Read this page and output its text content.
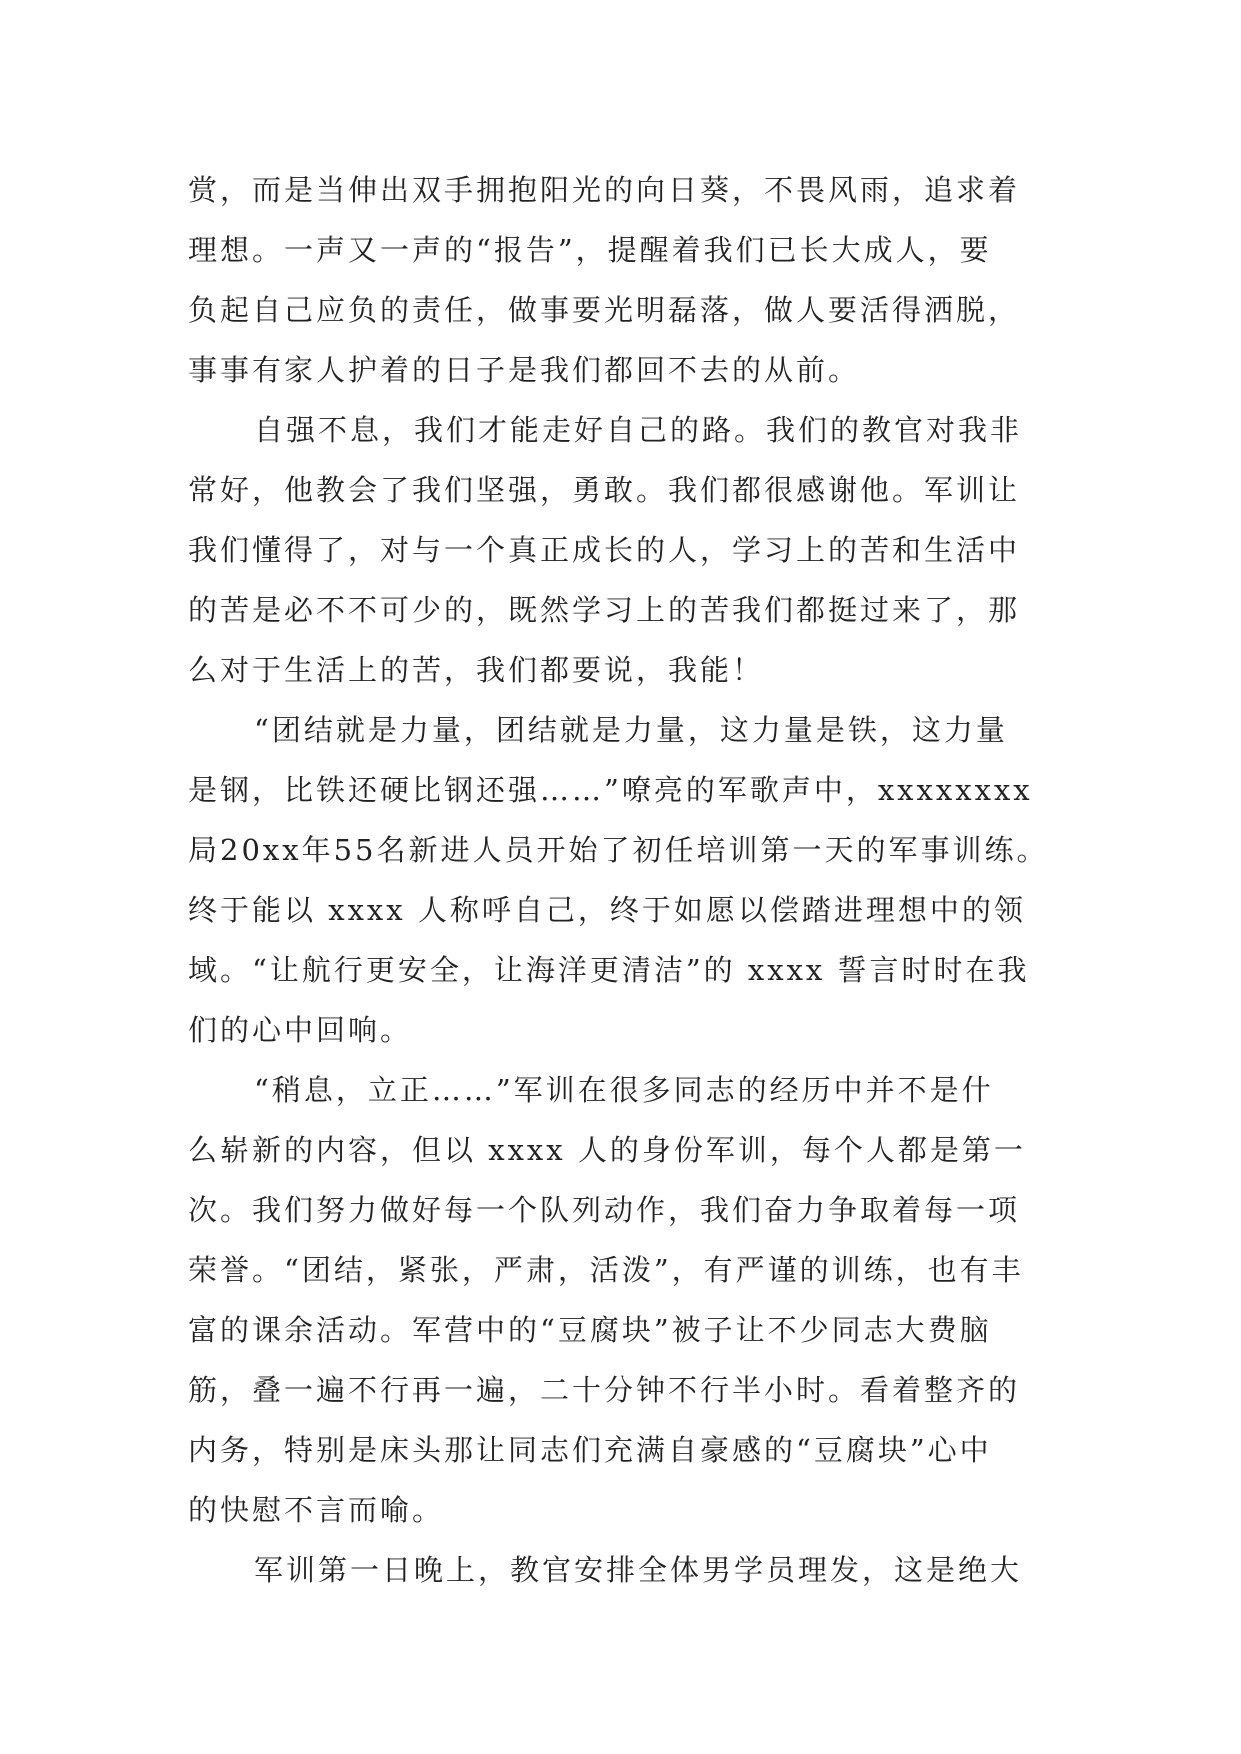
赏，而是当伸出双手拥抱阳光的向日葵，不畏风雨，追求着
理想。一声又一声的“报告”，提醒着我们已长大成人，要
负起自己应负的责任，做事要光明磊落，做人要活得洒脱，
事事有家人护着的日子是我们都回不去的从前。
自强不息，我们才能走好自己的路。我们的教官对我非
常好，他教会了我们坚强，勇敢。我们都很感谢他。军训让
我们懂得了，对与一个真正成长的人，学习上的苦和生活中
的苦是必不不可少的，既然学习上的苦我们都挺过来了，那
么对于生活上的苦，我们都要说，我能！
“团结就是力量，团结就是力量，这力量是铁，这力量
是钢，比铁还硬比钢还强……”嘹亮的军歌声中，xxxxxxxx
局20xx年55名新进人员开始了初任培训第一天的军事训练。
终于能以 xxxx 人称呼自己，终于如愿以偿踏进理想中的领
域。“让航行更安全，让海洋更清洁”的 xxxx 誓言时时在我
们的心中回响。
“稍息，立正……”军训在很多同志的经历中并不是什
么崭新的内容，但以 xxxx 人的身份军训，每个人都是第一
次。我们努力做好每一个队列动作，我们奋力争取着每一项
荣誉。“团结，紧张，严肃，活泼”，有严谨的训练，也有丰
富的课余活动。军营中的“豆腐块”被子让不少同志大费脑
筋，叠一遍不行再一遍，二十分钟不行半小时。看着整齐的
内务，特别是床头那让同志们充满自豪感的“豆腐块”心中
的快慰不言而喻。
军训第一日晚上，教官安排全体男学员理发，这是绝大
